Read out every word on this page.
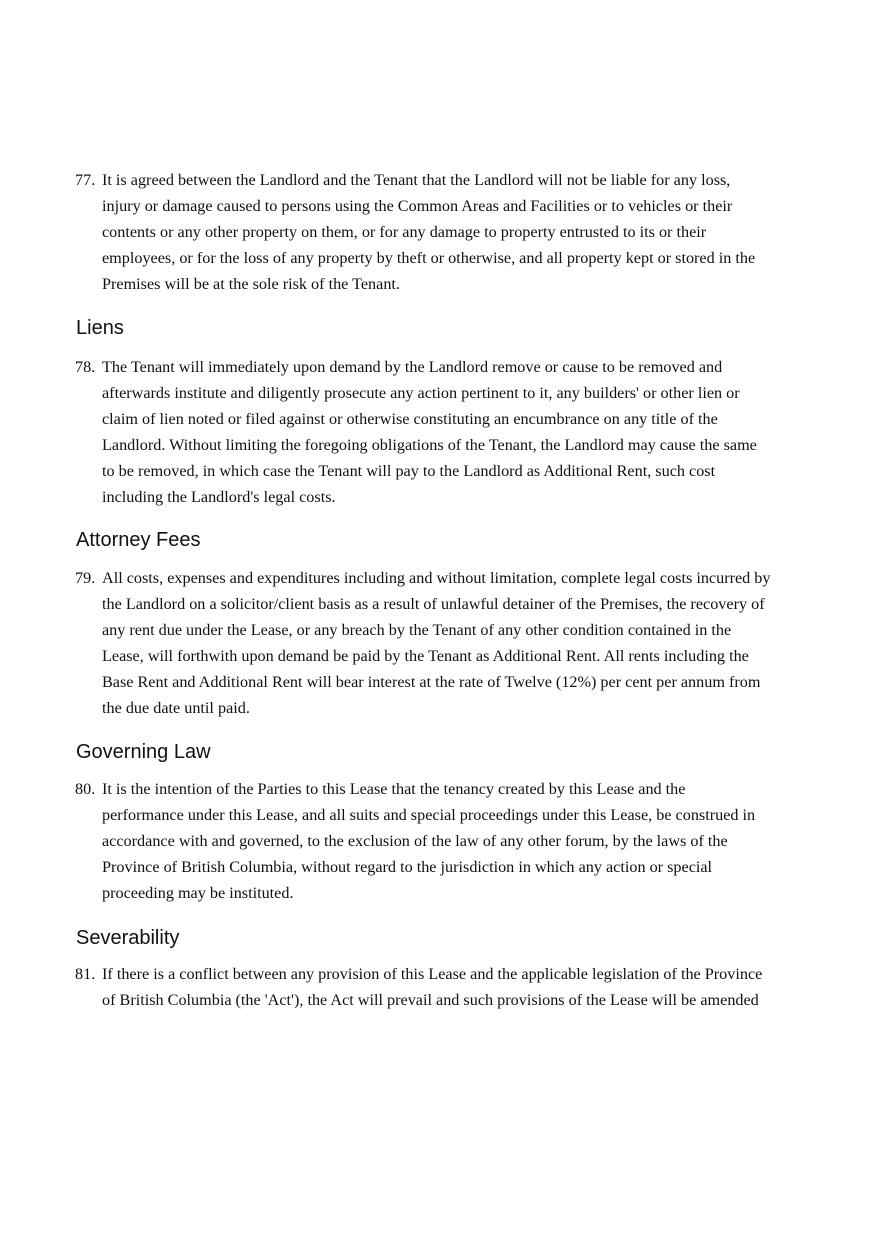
77. It is agreed between the Landlord and the Tenant that the Landlord will not be liable for any loss,
injury or damage caused to persons using the Common Areas and Facilities or to vehicles or their
contents or any other property on them, or for any damage to property entrusted to its or their
employees, or for the loss of any property by theft or otherwise, and all property kept or stored in the
Premises will be at the sole risk of the Tenant.
Liens
78. The Tenant will immediately upon demand by the Landlord remove or cause to be removed and
afterwards institute and diligently prosecute any action pertinent to it, any builders' or other lien or
claim of lien noted or filed against or otherwise constituting an encumbrance on any title of the
Landlord. Without limiting the foregoing obligations of the Tenant, the Landlord may cause the same
to be removed, in which case the Tenant will pay to the Landlord as Additional Rent, such cost
including the Landlord's legal costs.
Attorney Fees
79. All costs, expenses and expenditures including and without limitation, complete legal costs incurred by
the Landlord on a solicitor/client basis as a result of unlawful detainer of the Premises, the recovery of
any rent due under the Lease, or any breach by the Tenant of any other condition contained in the
Lease, will forthwith upon demand be paid by the Tenant as Additional Rent. All rents including the
Base Rent and Additional Rent will bear interest at the rate of Twelve (12%) per cent per annum from
the due date until paid.
Governing Law
80. It is the intention of the Parties to this Lease that the tenancy created by this Lease and the
performance under this Lease, and all suits and special proceedings under this Lease, be construed in
accordance with and governed, to the exclusion of the law of any other forum, by the laws of the
Province of British Columbia, without regard to the jurisdiction in which any action or special
proceeding may be instituted.
Severability
81. If there is a conflict between any provision of this Lease and the applicable legislation of the Province
of British Columbia (the 'Act'), the Act will prevail and such provisions of the Lease will be amended
